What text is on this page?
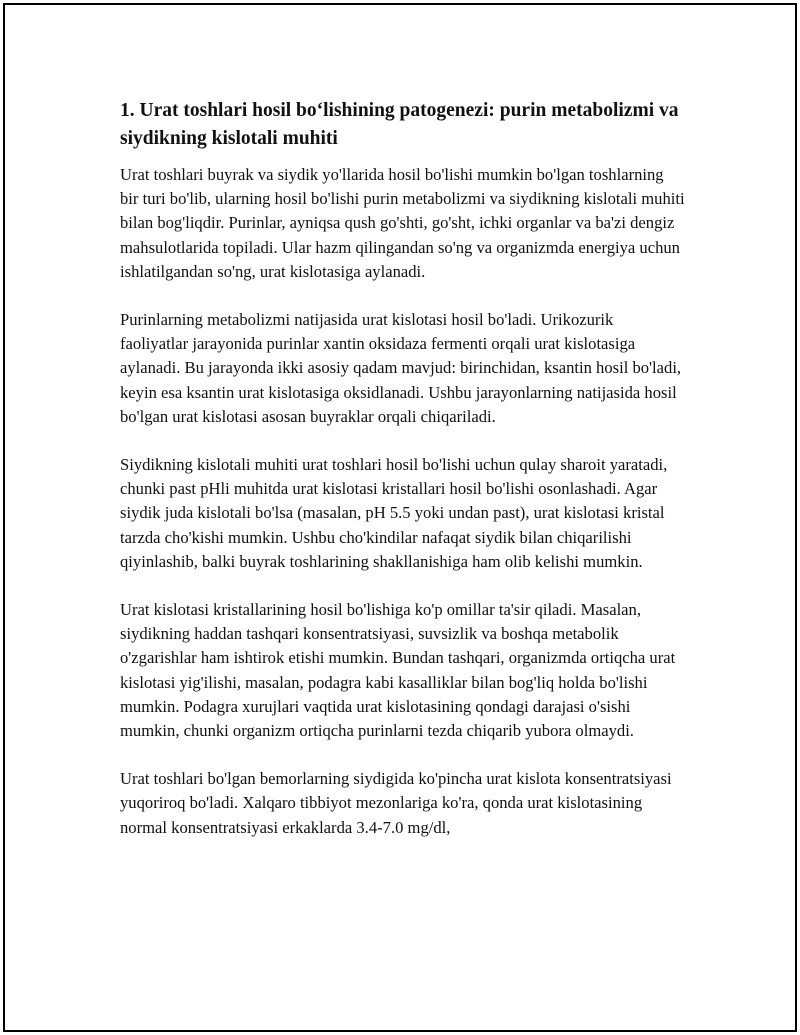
1. Urat toshlari hosil bo‘lishining patogenezi: purin metabolizmi va siydikning kislotali muhiti

Urat toshlari buyrak va siydik yo'llarida hosil bo'lishi mumkin bo'lgan toshlarning bir turi bo'lib, ularning hosil bo'lishi purin metabolizmi va siydikning kislotali muhiti bilan bog'liqdir. Purinlar, ayniqsa qush go'shti, go'sht, ichki organlar va ba'zi dengiz mahsulotlarida topiladi. Ular hazm qilingandan so'ng va organizmda energiya uchun ishlatilgandan so'ng, urat kislotasiga aylanadi.

Purinlarning metabolizmi natijasida urat kislotasi hosil bo'ladi. Urikozurik faoliyatlar jarayonida purinlar xantin oksidaza fermenti orqali urat kislotasiga aylanadi. Bu jarayonda ikki asosiy qadam mavjud: birinchidan, ksantin hosil bo'ladi, keyin esa ksantin urat kislotasiga oksidlanadi. Ushbu jarayonlarning natijasida hosil bo'lgan urat kislotasi asosan buyraklar orqali chiqariladi.

Siydikning kislotali muhiti urat toshlari hosil bo'lishi uchun qulay sharoit yaratadi, chunki past pHli muhitda urat kislotasi kristallari hosil bo'lishi osonlashadi. Agar siydik juda kislotali bo'lsa (masalan, pH 5.5 yoki undan past), urat kislotasi kristal tarzda cho'kishi mumkin. Ushbu cho'kindilar nafaqat siydik bilan chiqarilishi qiyinlashib, balki buyrak toshlarining shakllanishiga ham olib kelishi mumkin.

Urat kislotasi kristallarining hosil bo'lishiga ko'p omillar ta'sir qiladi. Masalan, siydikning haddan tashqari konsentratsiyasi, suvsizlik va boshqa metabolik o'zgarishlar ham ishtirok etishi mumkin. Bundan tashqari, organizmda ortiqcha urat kislotasi yig'ilishi, masalan, podagra kabi kasalliklar bilan bog'liq holda bo'lishi mumkin. Podagra xurujlari vaqtida urat kislotasining qondagi darajasi o'sishi mumkin, chunki organizm ortiqcha purinlarni tezda chiqarib yubora olmaydi.

Urat toshlari bo'lgan bemorlarning siydigida ko'pincha urat kislota konsentratsiyasi yuqoriroq bo'ladi. Xalqaro tibbiyot mezonlariga ko'ra, qonda urat kislotasining normal konsentratsiyasi erkaklarda 3.4-7.0 mg/dl,
